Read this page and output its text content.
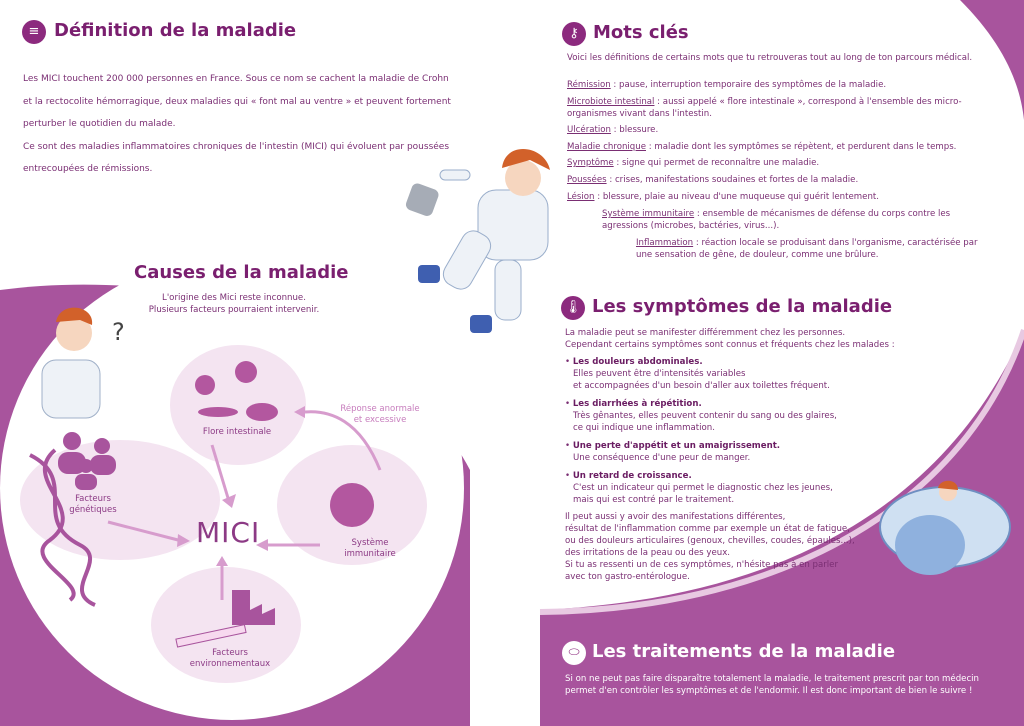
?
≡ Définition de la maladie
Les MICI touchent 200 000 personnes en France. Sous ce nom se cachent la maladie de Crohn
et la rectocolite hémorragique, deux maladies qui « font mal au ventre » et peuvent fortement
perturber le quotidien du malade.
Ce sont des maladies inflammatoires chroniques de l'intestin (MICI) qui évoluent par poussées
entrecoupées de rémissions.
Causes de la maladie
L'origine des Mici reste inconnue.
Plusieurs facteurs pourraient intervenir.
Flore intestinale
Facteurs
génétiques
Système
immunitaire
Facteurs
environnementaux
Réponse anormale
et excessive
MICI
⚷ Mots clés
Voici les définitions de certains mots que tu retrouveras tout au long de ton parcours médical.
Rémission : pause, interruption temporaire des symptômes de la maladie.
Microbiote intestinal : aussi appelé « flore intestinale », correspond à l'ensemble des micro-
organismes vivant dans l'intestin.
Ulcération : blessure.
Maladie chronique : maladie dont les symptômes se répètent, et perdurent dans le temps.
Symptôme : signe qui permet de reconnaître une maladie.
Poussées : crises, manifestations soudaines et fortes de la maladie.
Lésion : blessure, plaie au niveau d'une muqueuse qui guérit lentement.
Système immunitaire : ensemble de mécanismes de défense du corps contre les
agressions (microbes, bactéries, virus...).
Inflammation : réaction locale se produisant dans l'organisme, caractérisée par
une sensation de gêne, de douleur, comme une brûlure.
🌡 Les symptômes de la maladie
La maladie peut se manifester différemment chez les personnes.
Cependant certains symptômes sont connus et fréquents chez les malades :
• Les douleurs abdominales.
Elles peuvent être d'intensités variables
et accompagnées d'un besoin d'aller aux toilettes fréquent.
• Les diarrhées à répétition.
Très gênantes, elles peuvent contenir du sang ou des glaires,
ce qui indique une inflammation.
• Une perte d'appétit et un amaigrissement.
Une conséquence d'une peur de manger.
• Un retard de croissance.
C'est un indicateur qui permet le diagnostic chez les jeunes,
mais qui est contré par le traitement.
Il peut aussi y avoir des manifestations différentes,
résultat de l'inflammation comme par exemple un état de fatigue,
ou des douleurs articulaires (genoux, chevilles, coudes, épaules...),
des irritations de la peau ou des yeux.
Si tu as ressenti un de ces symptômes, n'hésite pas à en parler
avec ton gastro-entérologue.
⬭ Les traitements de la maladie
Si on ne peut pas faire disparaître totalement la maladie, le traitement prescrit par ton médecin
permet d'en contrôler les symptômes et de l'endormir. Il est donc important de bien le suivre !
